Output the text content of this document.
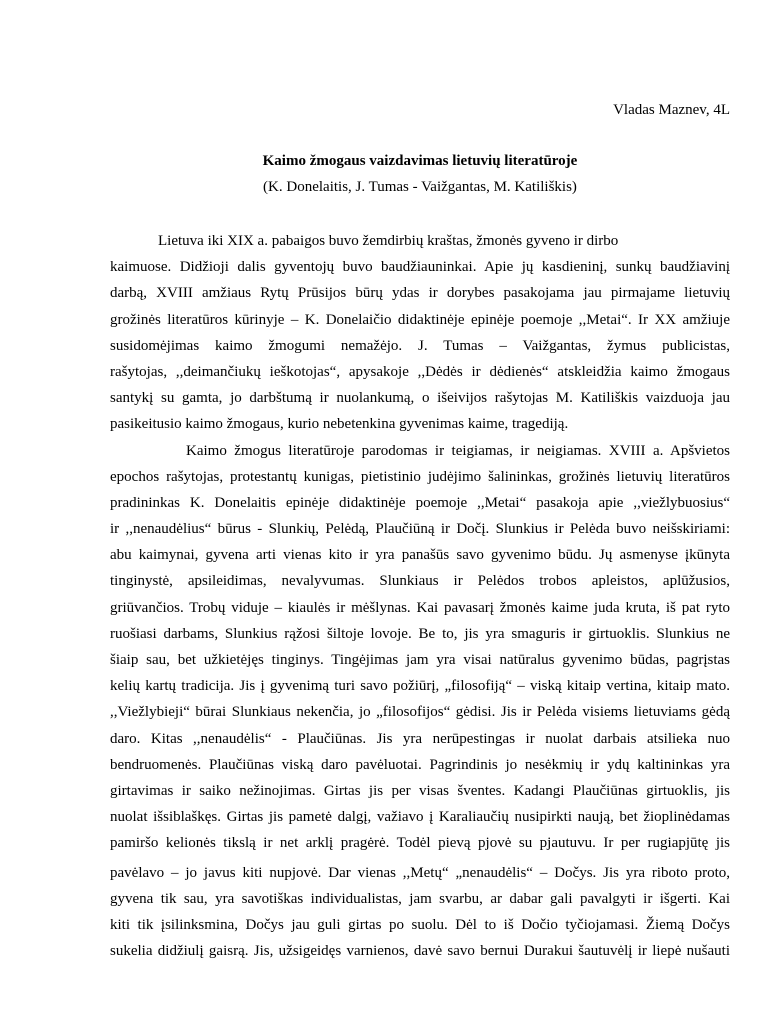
Vladas Maznev, 4L
Kaimo žmogaus vaizdavimas lietuvių literatūroje
(K. Donelaitis, J. Tumas - Vaižgantas, M. Katiliškis)
Lietuva iki XIX a. pabaigos buvo žemdirbių kraštas, žmonės gyveno ir dirbo
kaimuose. Didžioji dalis gyventojų buvo baudžiauninkai. Apie jų kasdieninį, sunkų baudžiavinį
darbą, XVIII amžiaus Rytų Prūsijos būrų ydas ir dorybes pasakojama jau pirmajame lietuvių
grožinės literatūros kūrinyje – K. Donelaičio didaktinėje epinėje poemoje ,,Metai“. Ir XX amžiuje
susidomėjimas kaimo žmogumi nemažėjo. J. Tumas – Vaižgantas, žymus publicistas,
rašytojas, ,,deimančiukų ieškotojas“, apysakoje ,,Dėdės ir dėdienės“ atskleidžia kaimo žmogaus
santykį su gamta, jo darbštumą ir nuolankumą, o išeivijos rašytojas M. Katiliškis vaizduoja jau
pasikeitusio kaimo žmogaus, kurio nebetenkina gyvenimas kaime, tragediją.
Kaimo žmogus literatūroje parodomas ir teigiamas, ir neigiamas. XVIII a. Apšvietos
epochos rašytojas, protestantų kunigas, pietistinio judėjimo šalininkas, grožinės lietuvių literatūros
pradininkas K. Donelaitis epinėje didaktinėje poemoje ,,Metai“ pasakoja apie ,,viežlybuosius“
ir ,,nenaudėlius“ būrus - Slunkių, Pelėdą, Plaučiūną ir Dočį. Slunkius ir Pelėda buvo neišskiriami:
abu kaimynai, gyvena arti vienas kito ir yra panašūs savo gyvenimo būdu. Jų asmenyse įkūnyta
tinginystė, apsileidimas, nevalyvumas. Slunkiaus ir Pelėdos trobos apleistos, aplūžusios,
griūvančios. Trobų viduje – kiaulės ir mėšlynas. Kai pavasarį žmonės kaime juda kruta, iš pat ryto
ruošiasi darbams, Slunkius rąžosi šiltoje lovoje. Be to, jis yra smaguris ir girtuoklis. Slunkius ne
šiaip sau, bet užkietėjęs tinginys. Tingėjimas jam yra visai natūralus gyvenimo būdas, pagrįstas
kelių kartų tradicija. Jis į gyvenimą turi savo požiūrį, „filosofiją“ – viską kitaip vertina, kitaip mato.
,,Viežlybieji“ būrai Slunkiaus nekenčia, jo „filosofijos“ gėdisi. Jis ir Pelėda visiems lietuviams gėdą
daro. Kitas ,,nenaudėlis“ - Plaučiūnas. Jis yra nerūpestingas ir nuolat darbais atsilieka nuo
bendruomenės. Plaučiūnas viską daro pavėluotai. Pagrindinis jo nesėkmių ir ydų kaltininkas yra
girtavimas ir saiko nežinojimas. Girtas jis per visas šventes. Kadangi Plaučiūnas girtuoklis, jis
nuolat išsiblaškęs. Girtas jis pametė dalgį, važiavo į Karaliaučių nusipirkti naują, bet žioplinėdamas
pamiršo kelionės tikslą ir net arklį pragėrė. Todėl pievą pjovė su pjautuvu. Ir per rugiapjūtę jis
pavėlavo – jo javus kiti nupjovė. Dar vienas ,,Metų“ „nenaudėlis“ – Dočys. Jis yra riboto proto,
gyvena tik sau, yra savotiškas individualistas, jam svarbu, ar dabar gali pavalgyti ir išgerti. Kai
kiti tik įsilinksmina, Dočys jau guli girtas po suolu. Dėl to iš Dočio tyčiojamasi. Žiemą Dočys
sukelia didžiulį gaisrą. Jis, užsigeidęs varnienos, davė savo bernui Durakui šautuvėlį ir liepė nušauti
